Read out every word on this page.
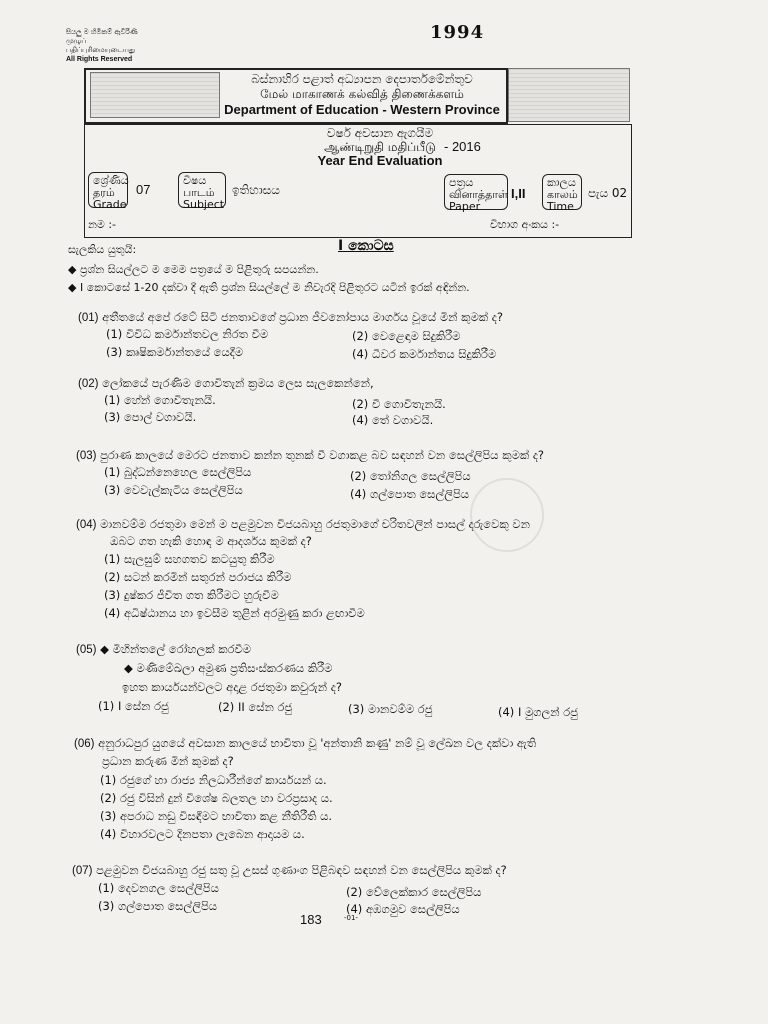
1994
සියලු ම හිමිකම් ඇවිරිණි
முழுப் பதிப்புரிமையுடையது
All Rights Reserved
බස්නාහිර පළාත් අධ්‍යාපන දෙපාර්තමේන්තුව
மேல் மாகாணக் கல்வித் திணைக்களம்
Department of Education - Western Province
වර්ෂ අවසාන ඇගයීම
ஆண்டிறுதி மதிப்பீடு
Year End Evaluation
- 2016
ශ්‍රේණිය
தரம்
Grade
07
විෂය
பாடம்
Subject
ඉතිහාසය
පත්‍රය
வினாத்தாள்
Paper
I,II
කාලය
காலம்
Time
පැය 02
නම :-	විභාග අංකය :-
I කොටස
සැලකිය යුතුයි:
◆ ප්‍රශ්න සියල්ලට ම මෙම පත්‍රයේ ම පිළිතුරු සපයන්න.
◆ I කොටසේ 1-20 දක්වා දී ඇති ප්‍රශ්න සියල්ලේ ම නිවැරදි පිළිතුරට යටින් ඉරක් අඳින්න.
(01) අතීතයේ අපේ රටේ සිටි ජනතාවගේ ප්‍රධාන ජීවනෝපාය මාර්ගය වූයේ මින් කුමක් ද?
(1) විවිධ කර්මාන්තවල නිරත වීම	(2) වෙළෙඳාම සිදුකිරීම
(3) කෘෂිකර්මාන්තයේ යෙදීම	(4) ධීවර කර්මාන්තය සිදුකිරීම
(02) ලෝකයේ පැරණිම ගොවිතැන් ක්‍රමය ලෙස සැලකෙන්නේ,
(1) හේන් ගොවිතැනයි.	(2) වී ගොවිතැනයි.
(3) පොල් වගාවයි.	(4) තේ වගාවයි.
(03) පුරාණ කාලයේ මෙරට ජනතාව කන්න තුනක් වී වගාකළ බව සඳහන් වන සෙල්ලිපිය කුමක් ද?
(1) බුද්ධන්නෙහෙල සෙල්ලිපිය	(2) තෝනිගල සෙල්ලිපිය
(3) වෙවැල්කැටිය සෙල්ලිපිය	(4) ගල්පොත සෙල්ලිපිය
(04) මානවම්ම රජතුමා මෙන් ම පළමුවන විජයබාහු රජතුමාගේ චරිතවලින් පාසල් දරුවෙකු වන
ඔබට ගත හැකි හොඳ ම ආදර්ශය කුමක් ද?
(1) සැලසුම් සහගතව කටයුතු කිරීම
(2) සටන් කරමින් සතුරන් පරාජය කිරීම
(3) දුෂ්කර ජීවිත ගත කිරීමට හුරුවීම
(4) අධිෂ්ඨානය හා ඉවසීම තුළින් අරමුණු කරා ළඟාවීම
(05) ◆ මිහින්තලේ රෝහලක් කරවීම
◆ මණිමේඛලා අමුණ ප්‍රතිසංස්කරණය කිරීම
ඉහත කාර්යයන්වලට අදාළ රජතුමා කවුරුන් ද?
(1) I සේන රජු	(2) II සේන රජු	(3) මානවම්ම රජු	(4) I මුගලන් රජු
(06) අනුරාධපුර යුගයේ අවසාන කාලයේ භාවිතා වූ 'අන්තානි කණු' නම් වූ ලේඛන වල දක්වා ඇති
ප්‍රධාන කරුණ මින් කුමක් ද?
(1) රජුගේ හා රාජ්‍ය නිලධාරීන්ගේ කාර්යයන් ය.
(2) රජු විසින් දුන් විශේෂ බලතල හා වරප්‍රසාද ය.
(3) අපරාධ නඩු විසඳීමට භාවිතා කළ නීතිරීති ය.
(4) විහාරවලට දිනපතා ලැබෙන ආදායම ය.
(07) පළමුවන විජයබාහු රජු සතු වූ උසස් ගුණාංග පිළිබඳව සඳහන් වන සෙල්ලිපිය කුමක් ද?
(1) දෙවනගල සෙල්ලිපිය	(2) වේලෙක්කාර සෙල්ලිපිය
(3) ගල්පොත සෙල්ලිපිය	(4) අඹගමුව සෙල්ලිපිය
183	-01-
